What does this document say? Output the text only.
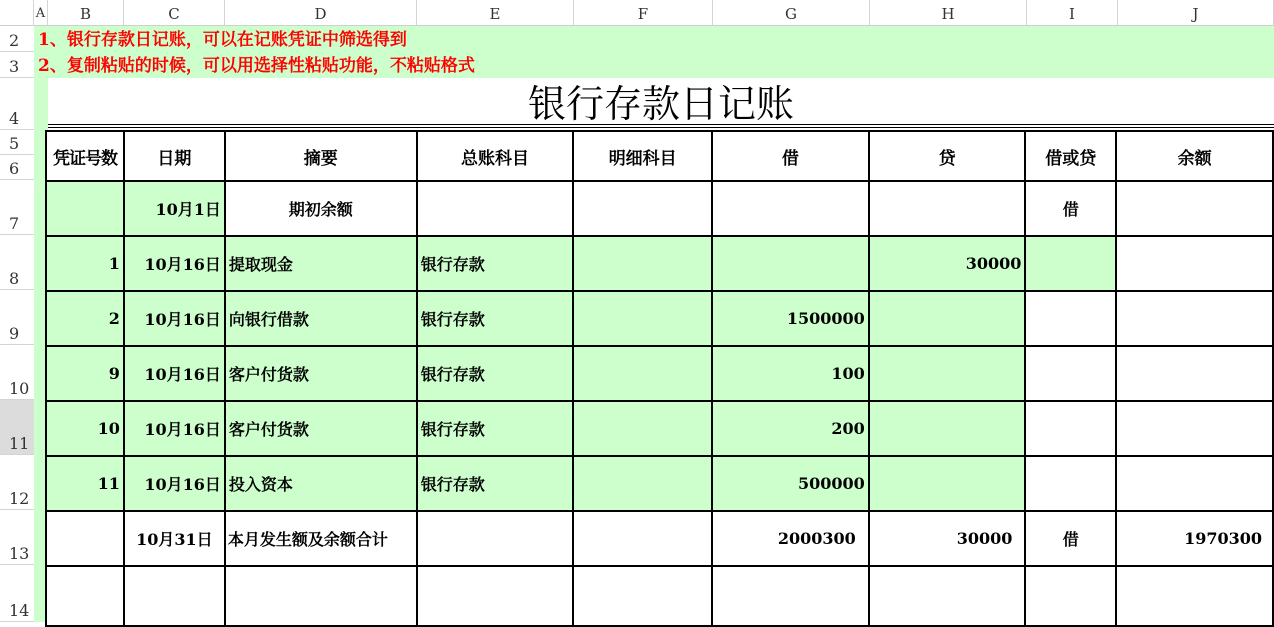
A	B	C	D	E	F	G	H	I	J
2
3
4
5
6
7
8
9
10
11
12
13
14
1、银行存款日记账，可以在记账凭证中筛选得到
2、复制粘贴的时候，可以用选择性粘贴功能，不粘贴格式
银行存款日记账
凭证号数	日期	摘要	总账科目	明细科目	借	贷	借或贷	余额
	10月1日	期初余额					借	
1	10月16日	提取现金	银行存款			30000		
2	10月16日	向银行借款	银行存款		1500000			
9	10月16日	客户付货款	银行存款		100			
10	10月16日	客户付货款	银行存款		200			
11	10月16日	投入资本	银行存款		500000			
	10月31日	本月发生额及余额合计			2000300	30000	借	1970300
